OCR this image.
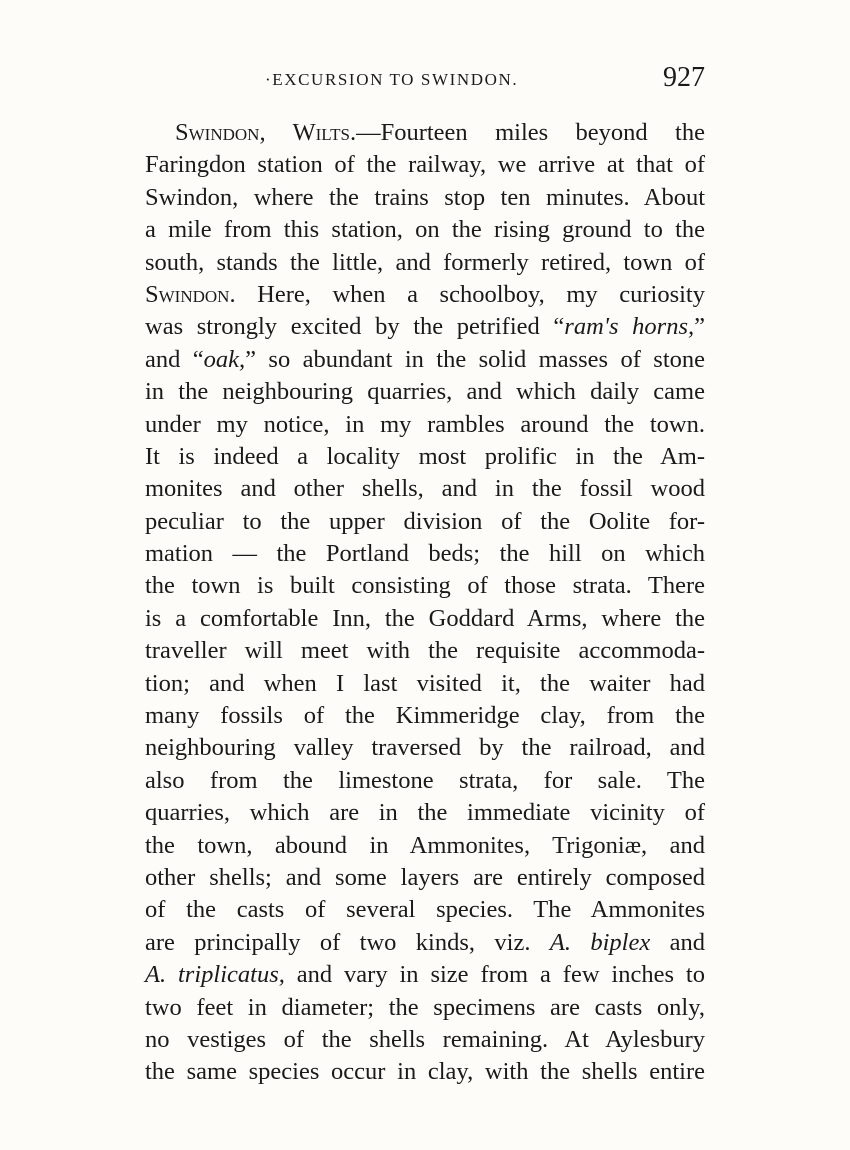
·EXCURSION TO SWINDON.	927
Swindon, Wilts.—Fourteen miles beyond the
Faringdon station of the railway, we arrive at that of
Swindon, where the trains stop ten minutes. About
a mile from this station, on the rising ground to the
south, stands the little, and formerly retired, town of
Swindon. Here, when a schoolboy, my curiosity
was strongly excited by the petrified “ram's horns,”
and “oak,” so abundant in the solid masses of stone
in the neighbouring quarries, and which daily came
under my notice, in my rambles around the town.
It is indeed a locality most prolific in the Am-
monites and other shells, and in the fossil wood
peculiar to the upper division of the Oolite for-
mation — the Portland beds; the hill on which
the town is built consisting of those strata. There
is a comfortable Inn, the Goddard Arms, where the
traveller will meet with the requisite accommoda-
tion; and when I last visited it, the waiter had
many fossils of the Kimmeridge clay, from the
neighbouring valley traversed by the railroad, and
also from the limestone strata, for sale. The
quarries, which are in the immediate vicinity of
the town, abound in Ammonites, Trigoniæ, and
other shells; and some layers are entirely composed
of the casts of several species. The Ammonites
are principally of two kinds, viz. A. biplex and
A. triplicatus, and vary in size from a few inches to
two feet in diameter; the specimens are casts only,
no vestiges of the shells remaining. At Aylesbury
the same species occur in clay, with the shells entire
